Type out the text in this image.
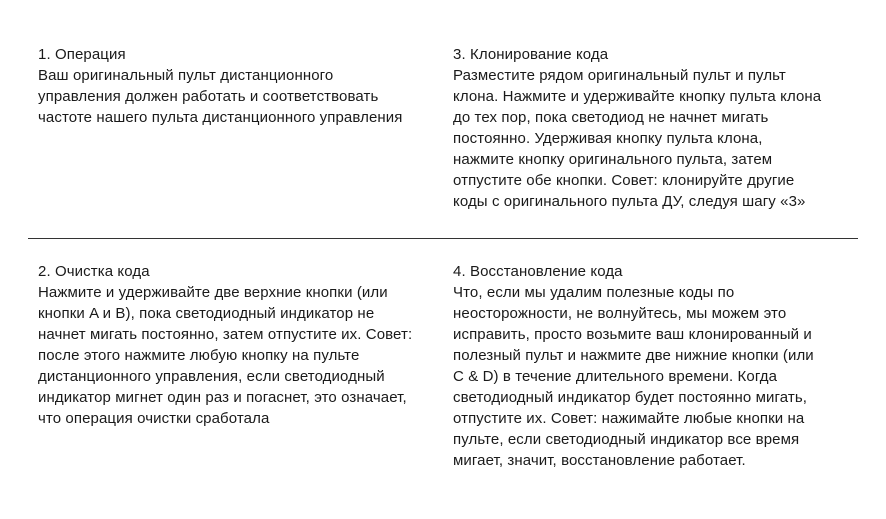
1. Операция
Ваш оригинальный пульт дистанционного
управления должен работать и соответствовать
частоте нашего пульта дистанционного управления
3. Клонирование кода
Разместите рядом оригинальный пульт и пульт
клона. Нажмите и удерживайте кнопку пульта клона
до тех пор, пока светодиод не начнет мигать
постоянно. Удерживая кнопку пульта клона,
нажмите кнопку оригинального пульта, затем
отпустите обе кнопки. Совет: клонируйте другие
коды с оригинального пульта ДУ, следуя шагу «3»
2. Очистка кода
Нажмите и удерживайте две верхние кнопки (или
кнопки A и B), пока светодиодный индикатор не
начнет мигать постоянно, затем отпустите их. Совет:
после этого нажмите любую кнопку на пульте
дистанционного управления, если светодиодный
индикатор мигнет один раз и погаснет, это означает,
что операция очистки сработала
4. Восстановление кода
Что, если мы удалим полезные коды по
неосторожности, не волнуйтесь, мы можем это
исправить, просто возьмите ваш клонированный и
полезный пульт и нажмите две нижние кнопки (или
C & D) в течение длительного времени. Когда
светодиодный индикатор будет постоянно мигать,
отпустите их. Совет: нажимайте любые кнопки на
пульте, если светодиодный индикатор все время
мигает, значит, восстановление работает.
